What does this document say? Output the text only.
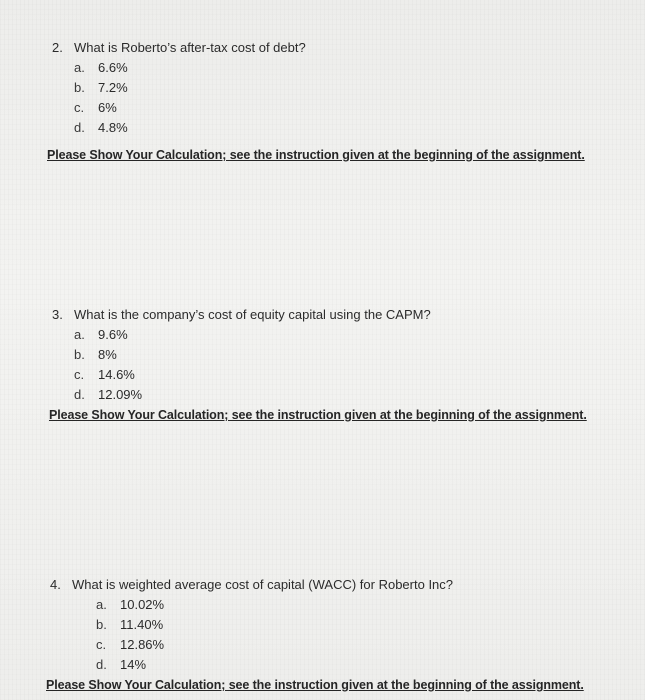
2. What is Roberto’s after-tax cost of debt?
a. 6.6%
b. 7.2%
c. 6%
d. 4.8%
Please Show Your Calculation; see the instruction given at the beginning of the assignment.
3. What is the company’s cost of equity capital using the CAPM?
a. 9.6%
b. 8%
c. 14.6%
d. 12.09%
Please Show Your Calculation; see the instruction given at the beginning of the assignment.
4. What is weighted average cost of capital (WACC) for Roberto Inc?
a. 10.02%
b. 11.40%
c. 12.86%
d. 14%
Please Show Your Calculation; see the instruction given at the beginning of the assignment.
